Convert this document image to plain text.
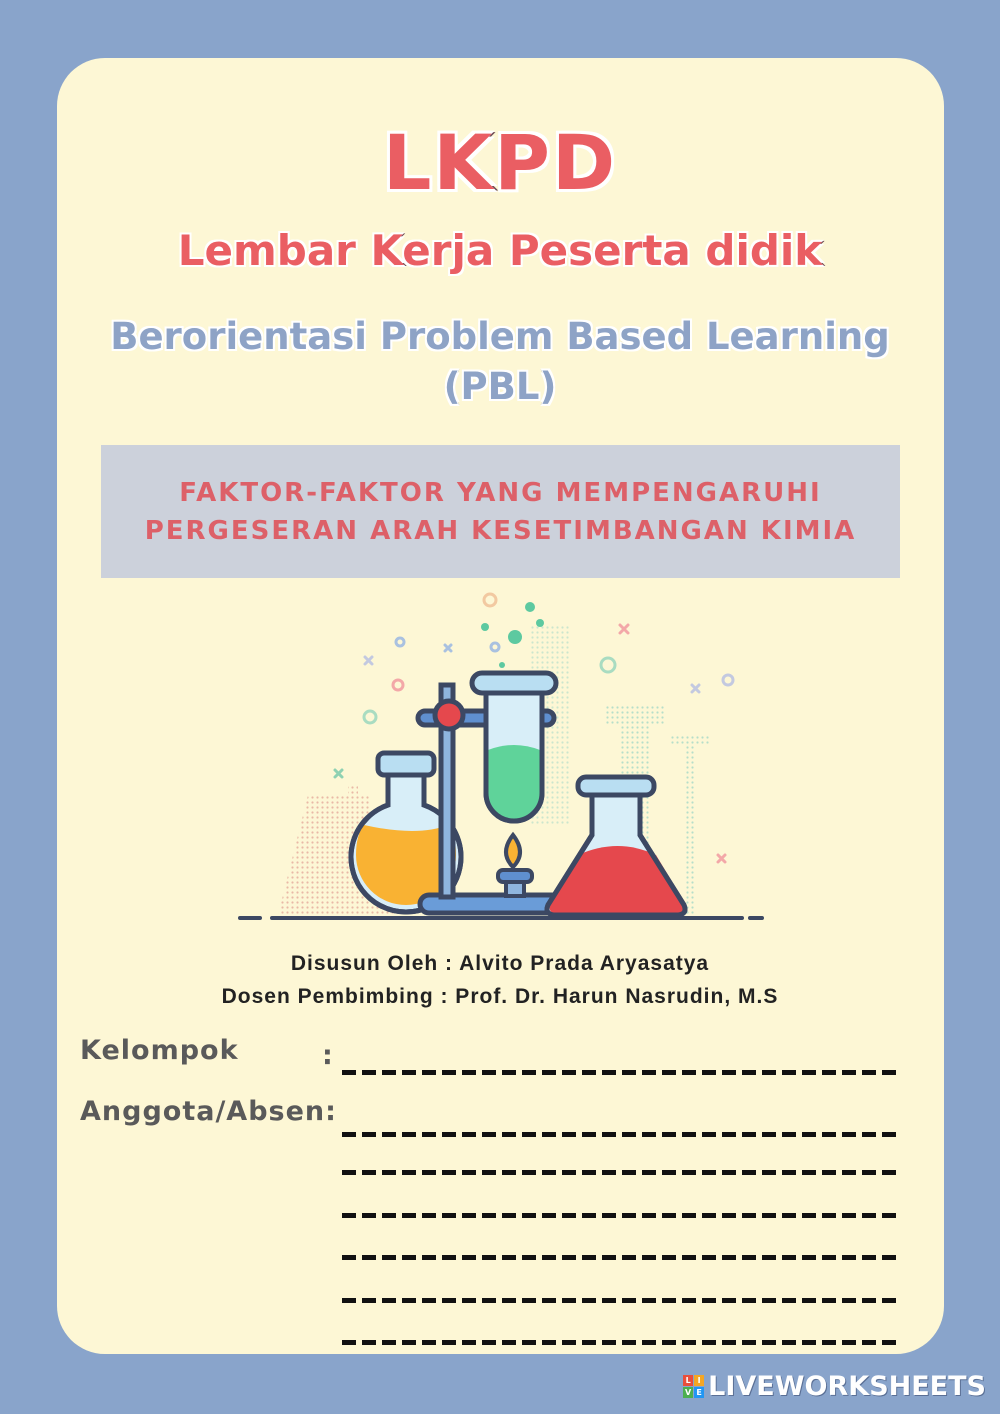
LKPD
Lembar Kerja Peserta didik
Berorientasi Problem Based Learning
(PBL)
FAKTOR-FAKTOR YANG MEMPENGARUHI
PERGESERAN ARAH KESETIMBANGAN KIMIA
Disusun Oleh : Alvito Prada Aryasatya
Dosen Pembimbing : Prof. Dr. Harun Nasrudin, M.S
Kelompok	:
Anggota/Absen:
L I
V E LIVEWORKSHEETS
